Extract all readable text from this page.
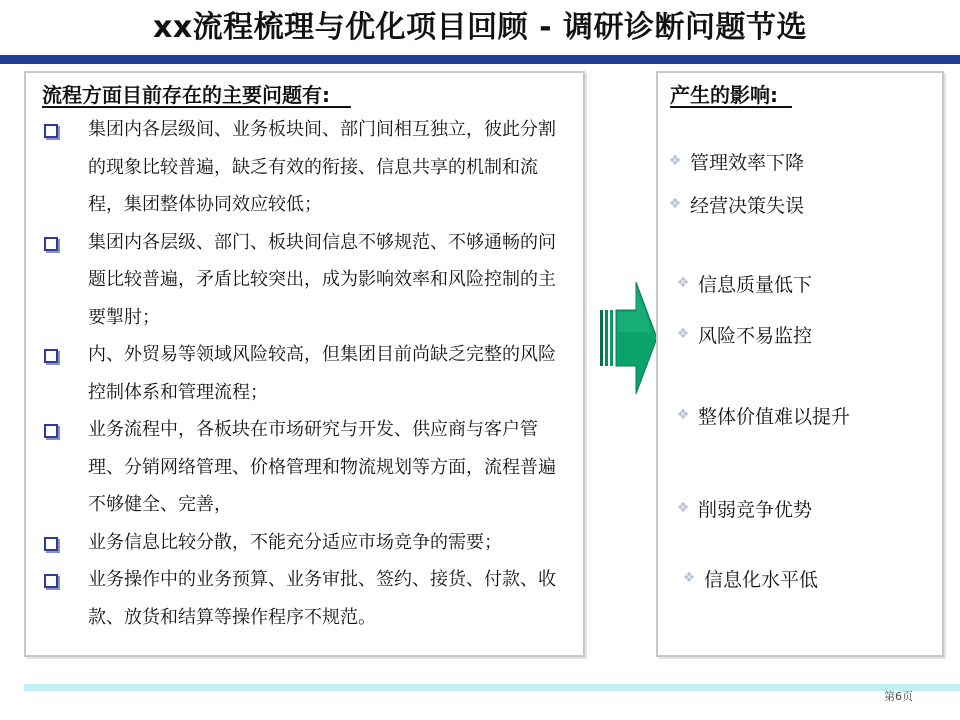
xx流程梳理与优化项目回顾 - 调研诊断问题节选
流程方面目前存在的主要问题有:
集团内各层级间、业务板块间、部门间相互独立，彼此分割的现象比较普遍，缺乏有效的衔接、信息共享的机制和流程，集团整体协同效应较低；
集团内各层级、部门、板块间信息不够规范、不够通畅的问题比较普遍，矛盾比较突出，成为影响效率和风险控制的主要掣肘；
内、外贸易等领域风险较高，但集团目前尚缺乏完整的风险控制体系和管理流程；
业务流程中，各板块在市场研究与开发、供应商与客户管理、分销网络管理、价格管理和物流规划等方面，流程普遍不够健全、完善，
业务信息比较分散，不能充分适应市场竞争的需要；
业务操作中的业务预算、业务审批、签约、接货、付款、收款、放货和结算等操作程序不规范。
产生的影响:
❖ 管理效率下降
❖ 经营决策失误
❖ 信息质量低下
❖ 风险不易监控
❖ 整体价值难以提升
❖ 削弱竞争优势
❖ 信息化水平低
第6页
